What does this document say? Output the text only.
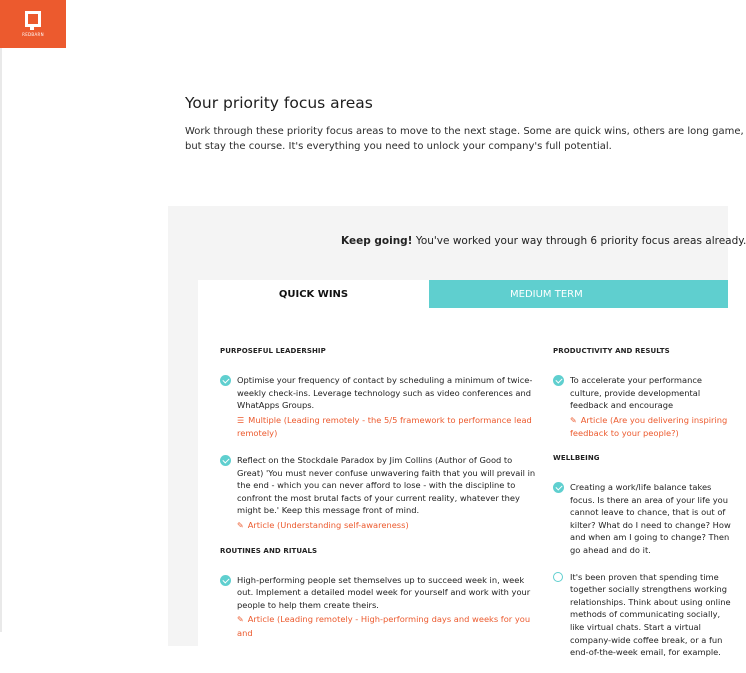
REDBARN
Your priority focus areas
Work through these priority focus areas to move to the next stage. Some are quick wins, others are long game, but stay the course. It's everything you need to unlock your company's full potential.
Keep going! You've worked your way through 6 priority focus areas already.
QUICK WINS	MEDIUM TERM
PURPOSEFUL LEADERSHIP
Optimise your frequency of contact by scheduling a minimum of twice-weekly check-ins. Leverage technology such as video conferences and WhatApps Groups.
☰ Multiple (Leading remotely - the 5/5 framework to performance lead remotely)
Reflect on the Stockdale Paradox by Jim Collins (Author of Good to Great) 'You must never confuse unwavering faith that you will prevail in the end - which you can never afford to lose - with the discipline to confront the most brutal facts of your current reality, whatever they might be.' Keep this message front of mind.
✎ Article (Understanding self-awareness)
ROUTINES AND RITUALS
High-performing people set themselves up to succeed week in, week out. Implement a detailed model week for yourself and work with your people to help them create theirs.
✎ Article (Leading remotely - High-performing days and weeks for you and
PRODUCTIVITY AND RESULTS
To accelerate your performance culture, provide developmental feedback and encourage
✎ Article (Are you delivering inspiring feedback to your people?)
WELLBEING
Creating a work/life balance takes focus. Is there an area of your life you cannot leave to chance, that is out of kilter? What do I need to change? How and when am I going to change? Then go ahead and do it.
It's been proven that spending time together socially strengthens working relationships. Think about using online methods of communicating socially, like virtual chats. Start a virtual company-wide coffee break, or a fun end-of-the-week email, for example.
